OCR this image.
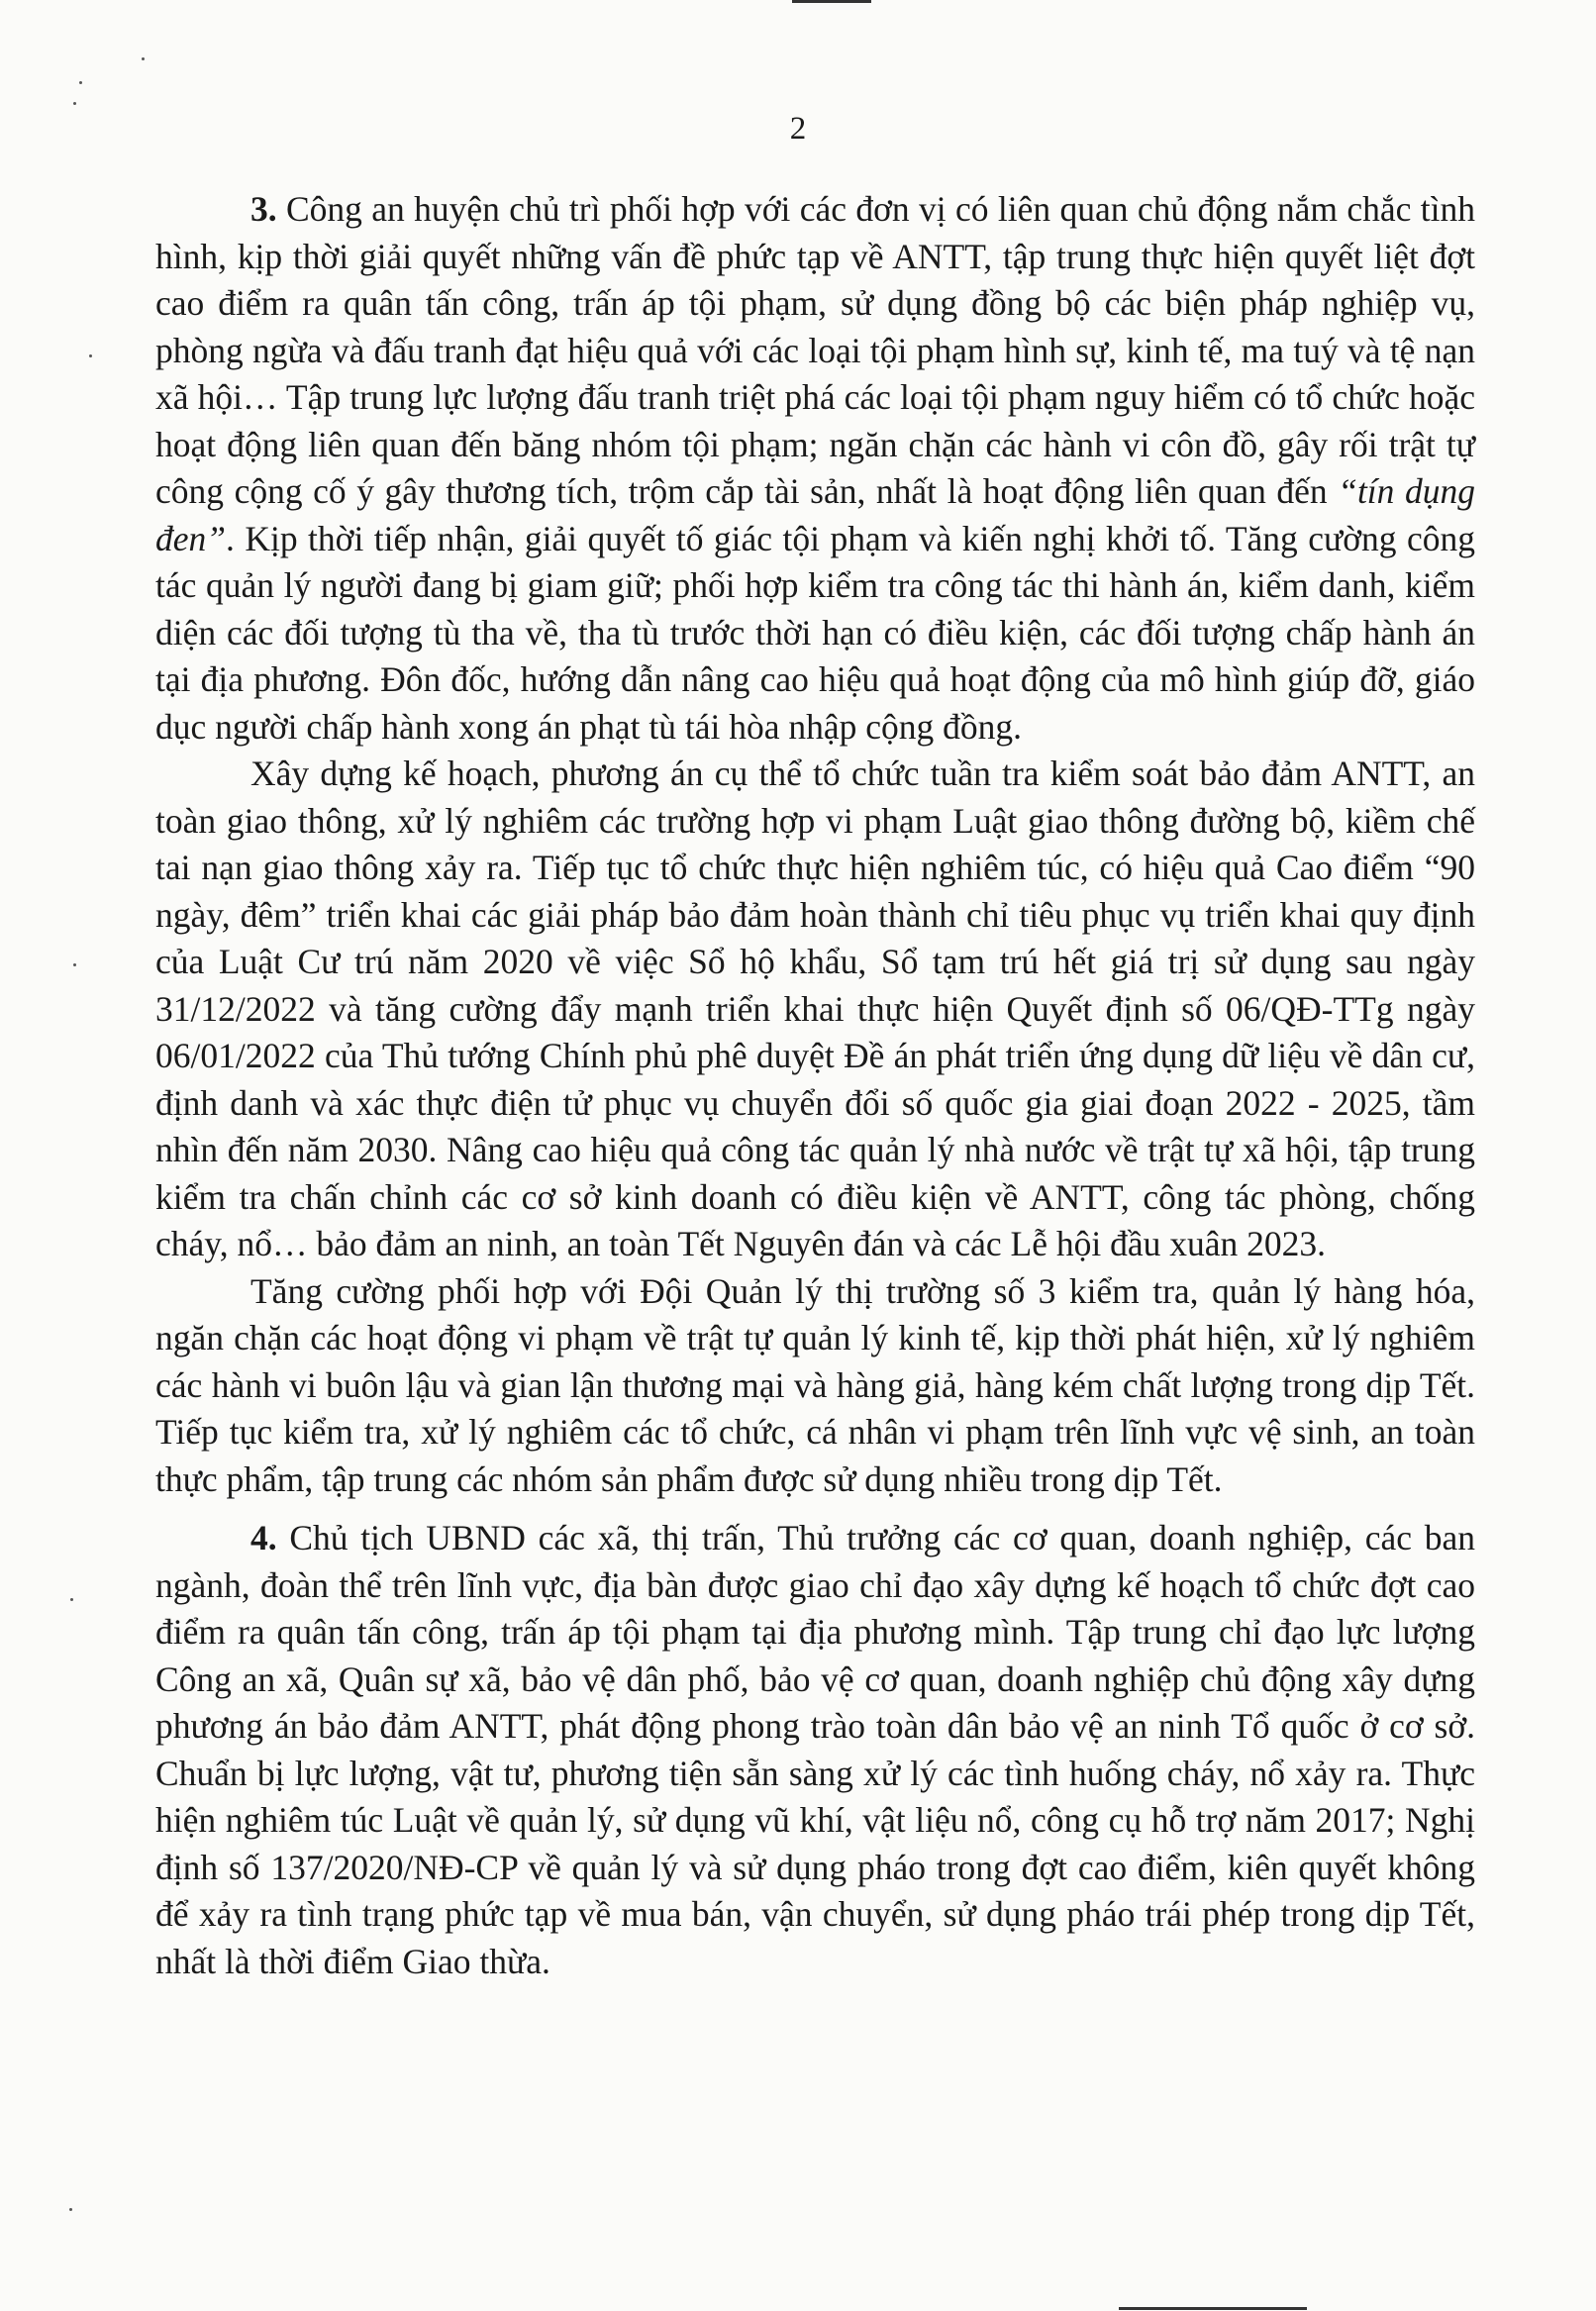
2

3. Công an huyện chủ trì phối hợp với các đơn vị có liên quan chủ động nắm chắc tình hình, kịp thời giải quyết những vấn đề phức tạp về ANTT, tập trung thực hiện quyết liệt đợt cao điểm ra quân tấn công, trấn áp tội phạm, sử dụng đồng bộ các biện pháp nghiệp vụ, phòng ngừa và đấu tranh đạt hiệu quả với các loại tội phạm hình sự, kinh tế, ma tuý và tệ nạn xã hội… Tập trung lực lượng đấu tranh triệt phá các loại tội phạm nguy hiểm có tổ chức hoặc hoạt động liên quan đến băng nhóm tội phạm; ngăn chặn các hành vi côn đồ, gây rối trật tự công cộng cố ý gây thương tích, trộm cắp tài sản, nhất là hoạt động liên quan đến “tín dụng đen”. Kịp thời tiếp nhận, giải quyết tố giác tội phạm và kiến nghị khởi tố. Tăng cường công tác quản lý người đang bị giam giữ; phối hợp kiểm tra công tác thi hành án, kiểm danh, kiểm diện các đối tượng tù tha về, tha tù trước thời hạn có điều kiện, các đối tượng chấp hành án tại địa phương. Đôn đốc, hướng dẫn nâng cao hiệu quả hoạt động của mô hình giúp đỡ, giáo dục người chấp hành xong án phạt tù tái hòa nhập cộng đồng.

Xây dựng kế hoạch, phương án cụ thể tổ chức tuần tra kiểm soát bảo đảm ANTT, an toàn giao thông, xử lý nghiêm các trường hợp vi phạm Luật giao thông đường bộ, kiềm chế tai nạn giao thông xảy ra. Tiếp tục tổ chức thực hiện nghiêm túc, có hiệu quả Cao điểm “90 ngày, đêm” triển khai các giải pháp bảo đảm hoàn thành chỉ tiêu phục vụ triển khai quy định của Luật Cư trú năm 2020 về việc Sổ hộ khẩu, Sổ tạm trú hết giá trị sử dụng sau ngày 31/12/2022 và tăng cường đẩy mạnh triển khai thực hiện Quyết định số 06/QĐ-TTg ngày 06/01/2022 của Thủ tướng Chính phủ phê duyệt Đề án phát triển ứng dụng dữ liệu về dân cư, định danh và xác thực điện tử phục vụ chuyển đổi số quốc gia giai đoạn 2022 - 2025, tầm nhìn đến năm 2030. Nâng cao hiệu quả công tác quản lý nhà nước về trật tự xã hội, tập trung kiểm tra chấn chỉnh các cơ sở kinh doanh có điều kiện về ANTT, công tác phòng, chống cháy, nổ… bảo đảm an ninh, an toàn Tết Nguyên đán và các Lễ hội đầu xuân 2023.

Tăng cường phối hợp với Đội Quản lý thị trường số 3 kiểm tra, quản lý hàng hóa, ngăn chặn các hoạt động vi phạm về trật tự quản lý kinh tế, kịp thời phát hiện, xử lý nghiêm các hành vi buôn lậu và gian lận thương mại và hàng giả, hàng kém chất lượng trong dịp Tết. Tiếp tục kiểm tra, xử lý nghiêm các tổ chức, cá nhân vi phạm trên lĩnh vực vệ sinh, an toàn thực phẩm, tập trung các nhóm sản phẩm được sử dụng nhiều trong dịp Tết.

4. Chủ tịch UBND các xã, thị trấn, Thủ trưởng các cơ quan, doanh nghiệp, các ban ngành, đoàn thể trên lĩnh vực, địa bàn được giao chỉ đạo xây dựng kế hoạch tổ chức đợt cao điểm ra quân tấn công, trấn áp tội phạm tại địa phương mình. Tập trung chỉ đạo lực lượng Công an xã, Quân sự xã, bảo vệ dân phố, bảo vệ cơ quan, doanh nghiệp chủ động xây dựng phương án bảo đảm ANTT, phát động phong trào toàn dân bảo vệ an ninh Tổ quốc ở cơ sở. Chuẩn bị lực lượng, vật tư, phương tiện sẵn sàng xử lý các tình huống cháy, nổ xảy ra. Thực hiện nghiêm túc Luật về quản lý, sử dụng vũ khí, vật liệu nổ, công cụ hỗ trợ năm 2017; Nghị định số 137/2020/NĐ-CP về quản lý và sử dụng pháo trong đợt cao điểm, kiên quyết không để xảy ra tình trạng phức tạp về mua bán, vận chuyển, sử dụng pháo trái phép trong dịp Tết, nhất là thời điểm Giao thừa.
